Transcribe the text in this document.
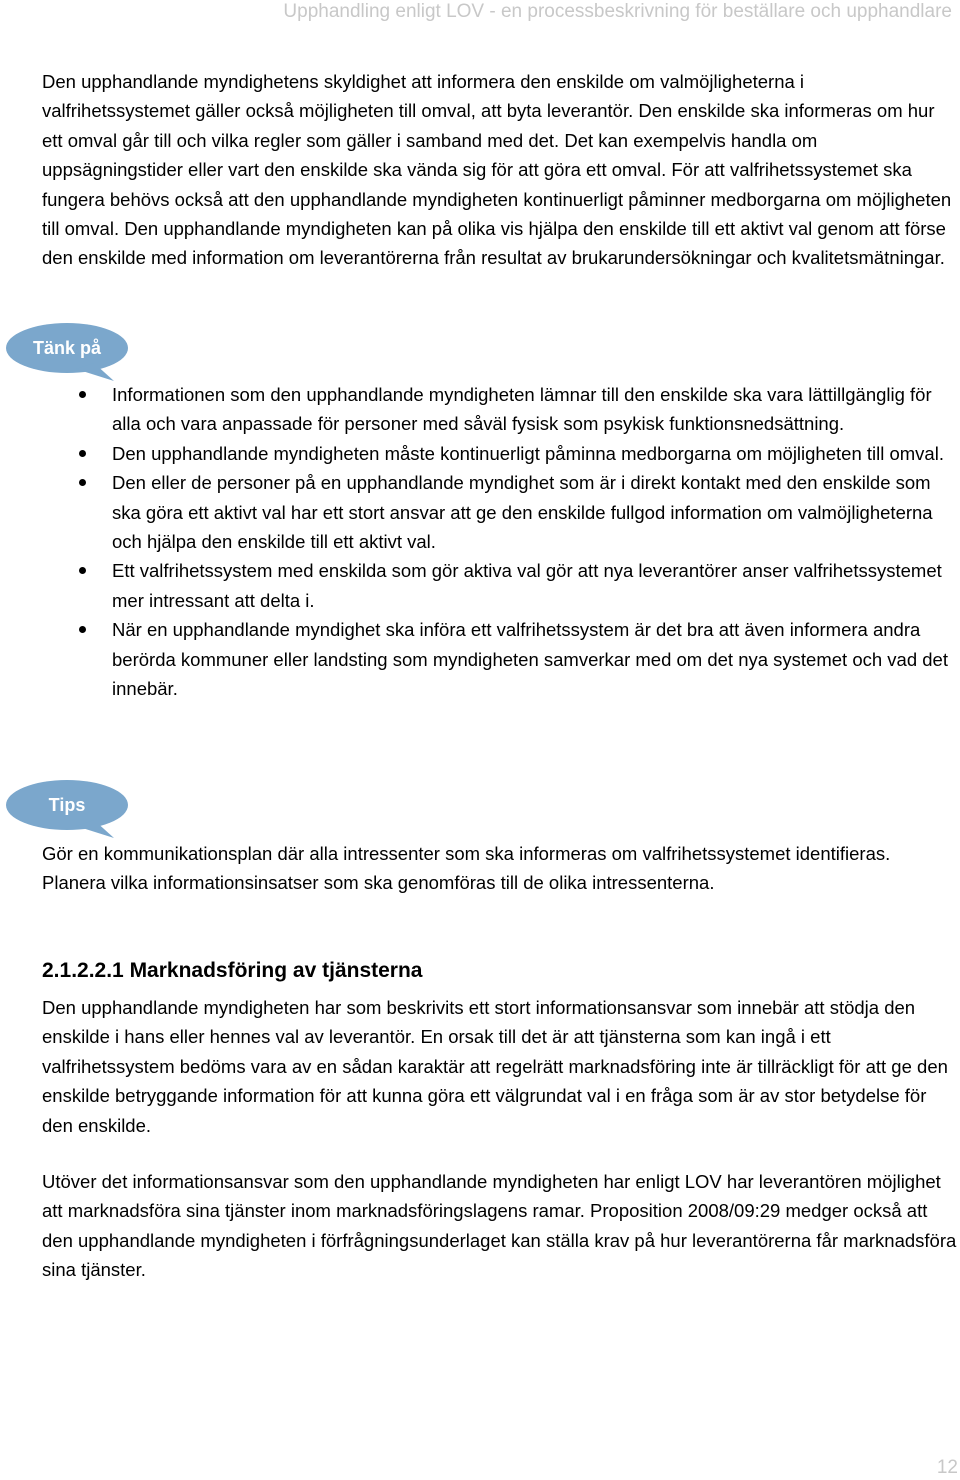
Upphandling enligt LOV - en processbeskrivning för beställare och upphandlare

Den upphandlande myndighetens skyldighet att informera den enskilde om valmöjligheterna i valfrihetssystemet gäller också möjligheten till omval, att byta leverantör. Den enskilde ska informeras om hur ett omval går till och vilka regler som gäller i samband med det. Det kan exempelvis handla om uppsägningstider eller vart den enskilde ska vända sig för att göra ett omval. För att valfrihetssystemet ska fungera behövs också att den upphandlande myndigheten kontinuerligt påminner medborgarna om möjligheten till omval. Den upphandlande myndigheten kan på olika vis hjälpa den enskilde till ett aktivt val genom att förse den enskilde med information om leverantörerna från resultat av brukarundersökningar och kvalitetsmätningar.

Tänk på
Informationen som den upphandlande myndigheten lämnar till den enskilde ska vara lättillgänglig för alla och vara anpassade för personer med såväl fysisk som psykisk funktionsnedsättning.
Den upphandlande myndigheten måste kontinuerligt påminna medborgarna om möjligheten till omval.
Den eller de personer på en upphandlande myndighet som är i direkt kontakt med den enskilde som ska göra ett aktivt val har ett stort ansvar att ge den enskilde fullgod information om valmöjligheterna och hjälpa den enskilde till ett aktivt val.
Ett valfrihetssystem med enskilda som gör aktiva val gör att nya leverantörer anser valfrihetssystemet mer intressant att delta i.
När en upphandlande myndighet ska införa ett valfrihetssystem är det bra att även informera andra berörda kommuner eller landsting som myndigheten samverkar med om det nya systemet och vad det innebär.
Tips

Gör en kommunikationsplan där alla intressenter som ska informeras om valfrihetssystemet identifieras. Planera vilka informationsinsatser som ska genomföras till de olika intressenterna.

2.1.2.2.1 Marknadsföring av tjänsterna

Den upphandlande myndigheten har som beskrivits ett stort informationsansvar som innebär att stödja den enskilde i hans eller hennes val av leverantör. En orsak till det är att tjänsterna som kan ingå i ett valfrihetssystem bedöms vara av en sådan karaktär att regelrätt marknadsföring inte är tillräckligt för att ge den enskilde betryggande information för att kunna göra ett välgrundat val i en fråga som är av stor betydelse för den enskilde.

Utöver det informationsansvar som den upphandlande myndigheten har enligt LOV har leverantören möjlighet att marknadsföra sina tjänster inom marknadsföringslagens ramar. Proposition 2008/09:29 medger också att den upphandlande myndigheten i förfrågningsunderlaget kan ställa krav på hur leverantörerna får marknadsföra sina tjänster.

12
